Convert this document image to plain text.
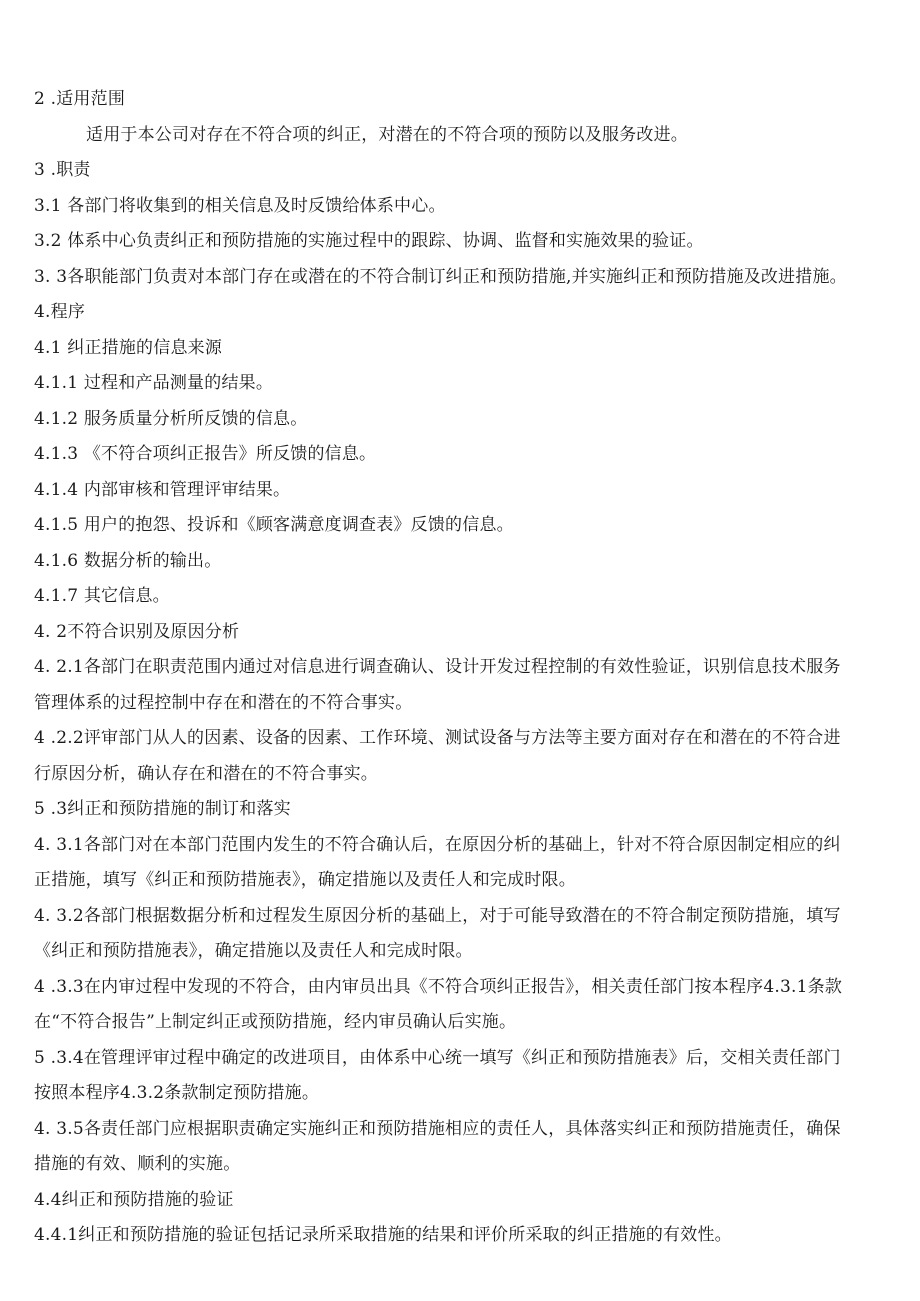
2 .适用范围

适用于本公司对存在不符合项的纠正，对潜在的不符合项的预防以及服务改进。

3 .职责

3.1 各部门将收集到的相关信息及时反馈给体系中心。

3.2 体系中心负责纠正和预防措施的实施过程中的跟踪、协调、监督和实施效果的验证。

3. 3各职能部门负责对本部门存在或潜在的不符合制订纠正和预防措施,并实施纠正和预防措施及改进措施。

4.程序

4.1 纠正措施的信息来源

4.1.1 过程和产品测量的结果。

4.1.2 服务质量分析所反馈的信息。

4.1.3 《不符合项纠正报告》所反馈的信息。

4.1.4 内部审核和管理评审结果。

4.1.5 用户的抱怨、投诉和《顾客满意度调查表》反馈的信息。

4.1.6 数据分析的输出。

4.1.7 其它信息。

4. 2不符合识别及原因分析

4. 2.1各部门在职责范围内通过对信息进行调查确认、设计开发过程控制的有效性验证，识别信息技术服务管理体系的过程控制中存在和潜在的不符合事实。

4 .2.2评审部门从人的因素、设备的因素、工作环境、测试设备与方法等主要方面对存在和潜在的不符合进行原因分析，确认存在和潜在的不符合事实。

5 .3纠正和预防措施的制订和落实

4. 3.1各部门对在本部门范围内发生的不符合确认后，在原因分析的基础上，针对不符合原因制定相应的纠正措施，填写《纠正和预防措施表》，确定措施以及责任人和完成时限。

4. 3.2各部门根据数据分析和过程发生原因分析的基础上，对于可能导致潜在的不符合制定预防措施，填写《纠正和预防措施表》，确定措施以及责任人和完成时限。

4 .3.3在内审过程中发现的不符合，由内审员出具《不符合项纠正报告》，相关责任部门按本程序4.3.1条款在“不符合报告”上制定纠正或预防措施，经内审员确认后实施。

5 .3.4在管理评审过程中确定的改进项目，由体系中心统一填写《纠正和预防措施表》后，交相关责任部门按照本程序4.3.2条款制定预防措施。

4. 3.5各责任部门应根据职责确定实施纠正和预防措施相应的责任人，具体落实纠正和预防措施责任，确保措施的有效、顺利的实施。

4.4纠正和预防措施的验证

4.4.1纠正和预防措施的验证包括记录所采取措施的结果和评价所采取的纠正措施的有效性。
